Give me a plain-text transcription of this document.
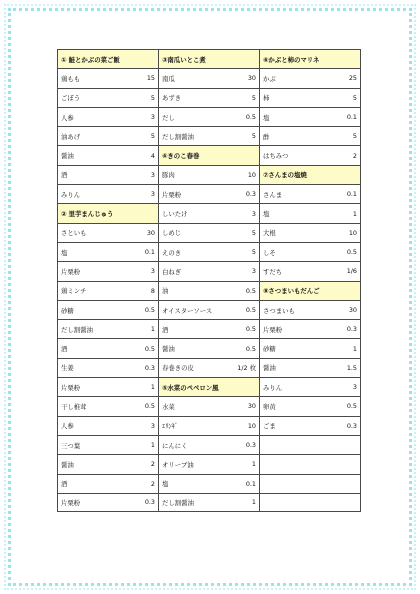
① 鮭とかぶの菜ご飯
鶏もも	15
ごぼう	5
人参	3
油あげ	5
醤油	4
酒	3
みりん	3
② 里芋まんじゅう
さといも	30
塩	0.1
片栗粉	3
鶏ミンチ	8
砂糖	0.5
だし割醤油	1
酒	0.5
生姜	0.3
片栗粉	1
干し椎茸	0.5
人参	3
三つ葉	1
醤油	2
酒	2
片栗粉	0.3
③南瓜いとこ煮
南瓜	30
あずき	5
だし	0.5
だし割醤油	5
④きのこ春巻
豚肉	10
片栗粉	0.3
しいたけ	3
しめじ	5
えのき	5
白ねぎ	3
油	0.5
オイスターソース	0.5
酒	0.5
醤油	0.5
春巻きの皮	1/2 枚
⑤水菜のペペロン風
水菜	30
ｴﾘﾝｷﾞ	10
にんにく	0.3
オリーブ油	1
塩	0.1
だし割醤油	1
⑥かぶと柿のマリネ
かぶ	25
柿	5
塩	0.1
酢	5
はちみつ	2
⑦さんまの塩焼
さんま	0.1
塩	1
大根	10
しそ	0.5
すだち	1/6
⑧さつまいもだんご
さつまいも	30
片栗粉	0.3
砂糖	1
醤油	1.5
みりん	3
卵黄	0.5
ごま	0.3
